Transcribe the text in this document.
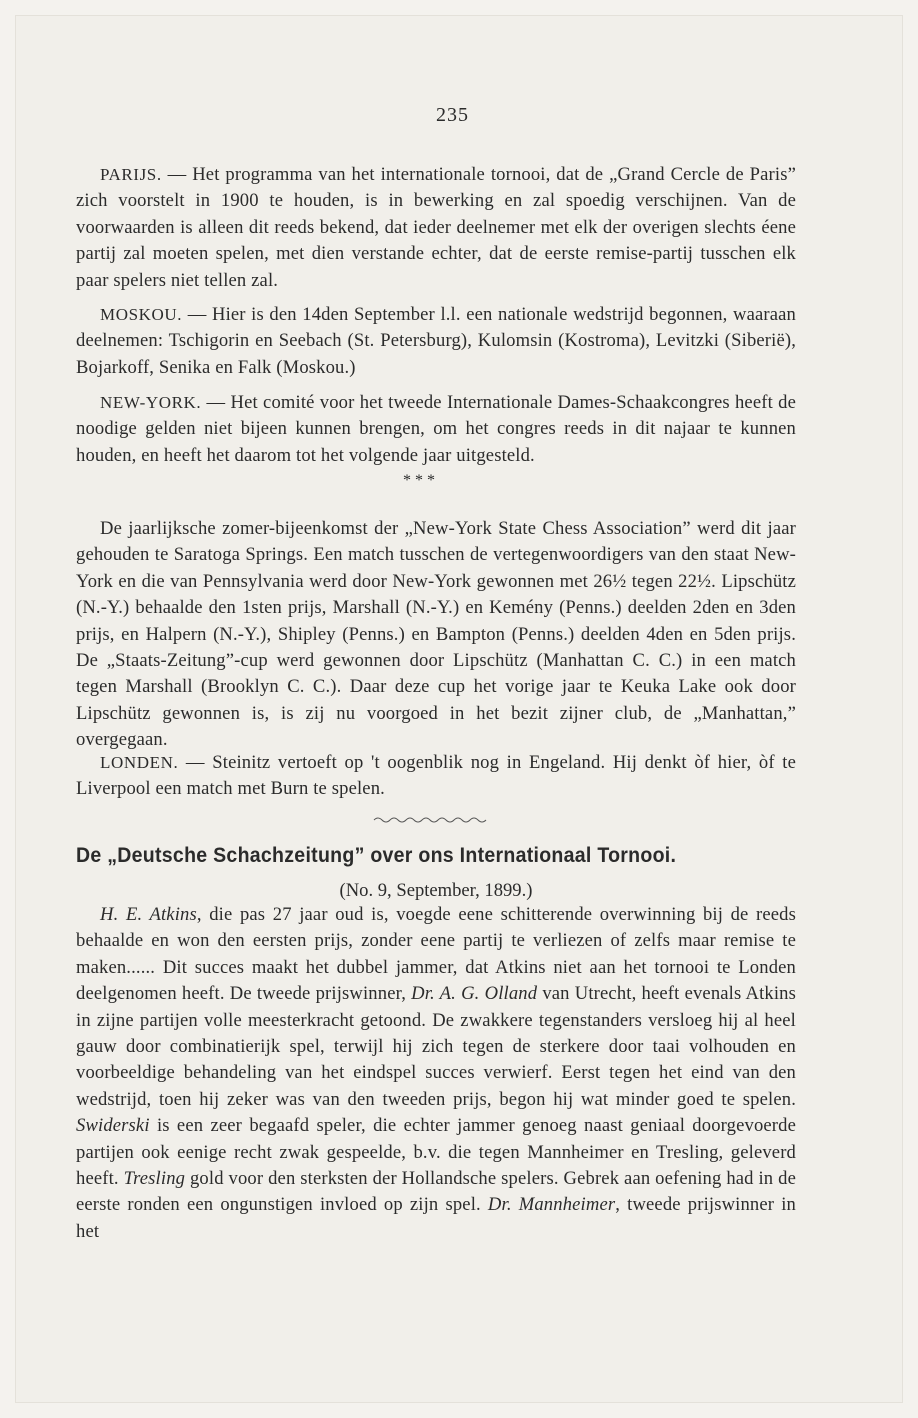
235

PARIJS. — Het programma van het internationale tornooi, dat de „Grand Cercle de Paris” zich voorstelt in 1900 te houden, is in bewerking en zal spoedig verschijnen. Van de voorwaarden is alleen dit reeds bekend, dat ieder deelnemer met elk der overigen slechts éene partij zal moeten spelen, met dien verstande echter, dat de eerste remise-partij tusschen elk paar spelers niet tellen zal.

MOSKOU. — Hier is den 14den September l.l. een nationale wedstrijd begonnen, waaraan deelnemen: Tschigorin en Seebach (St. Petersburg), Kulomsin (Kostroma), Levitzki (Siberië), Bojarkoff, Senika en Falk (Moskou.)

NEW-YORK. — Het comité voor het tweede Internationale Dames-Schaakcongres heeft de noodige gelden niet bijeen kunnen brengen, om het congres reeds in dit najaar te kunnen houden, en heeft het daarom tot het volgende jaar uitgesteld.

* * *

De jaarlijksche zomer-bijeenkomst der „New-York State Chess Association” werd dit jaar gehouden te Saratoga Springs. Een match tusschen de vertegenwoordigers van den staat New-York en die van Pennsylvania werd door New-York gewonnen met 26½ tegen 22½. Lipschütz (N.-Y.) behaalde den 1sten prijs, Marshall (N.-Y.) en Kemény (Penns.) deelden 2den en 3den prijs, en Halpern (N.-Y.), Shipley (Penns.) en Bampton (Penns.) deelden 4den en 5den prijs. De „Staats-Zeitung”-cup werd gewonnen door Lipschütz (Manhattan C. C.) in een match tegen Marshall (Brooklyn C. C.). Daar deze cup het vorige jaar te Keuka Lake ook door Lipschütz gewonnen is, is zij nu voorgoed in het bezit zijner club, de „Manhattan,” overgegaan.

LONDEN. — Steinitz vertoeft op 't oogenblik nog in Engeland. Hij denkt òf hier, òf te Liverpool een match met Burn te spelen.

De „Deutsche Schachzeitung” over ons Internationaal Tornooi.
(No. 9, September, 1899.)

H. E. Atkins, die pas 27 jaar oud is, voegde eene schitterende overwinning bij de reeds behaalde en won den eersten prijs, zonder eene partij te verliezen of zelfs maar remise te maken...... Dit succes maakt het dubbel jammer, dat Atkins niet aan het tornooi te Londen deelgenomen heeft. De tweede prijswinner, Dr. A. G. Olland van Utrecht, heeft evenals Atkins in zijne partijen volle meesterkracht getoond. De zwakkere tegenstanders versloeg hij al heel gauw door combinatierijk spel, terwijl hij zich tegen de sterkere door taai volhouden en voorbeeldige behandeling van het eindspel succes verwierf. Eerst tegen het eind van den wedstrijd, toen hij zeker was van den tweeden prijs, begon hij wat minder goed te spelen. Swiderski is een zeer begaafd speler, die echter jammer genoeg naast geniaal doorgevoerde partijen ook eenige recht zwak gespeelde, b.v. die tegen Mannheimer en Tresling, geleverd heeft. Tresling gold voor den sterksten der Hollandsche spelers. Gebrek aan oefening had in de eerste ronden een ongunstigen invloed op zijn spel. Dr. Mannheimer, tweede prijswinner in het
